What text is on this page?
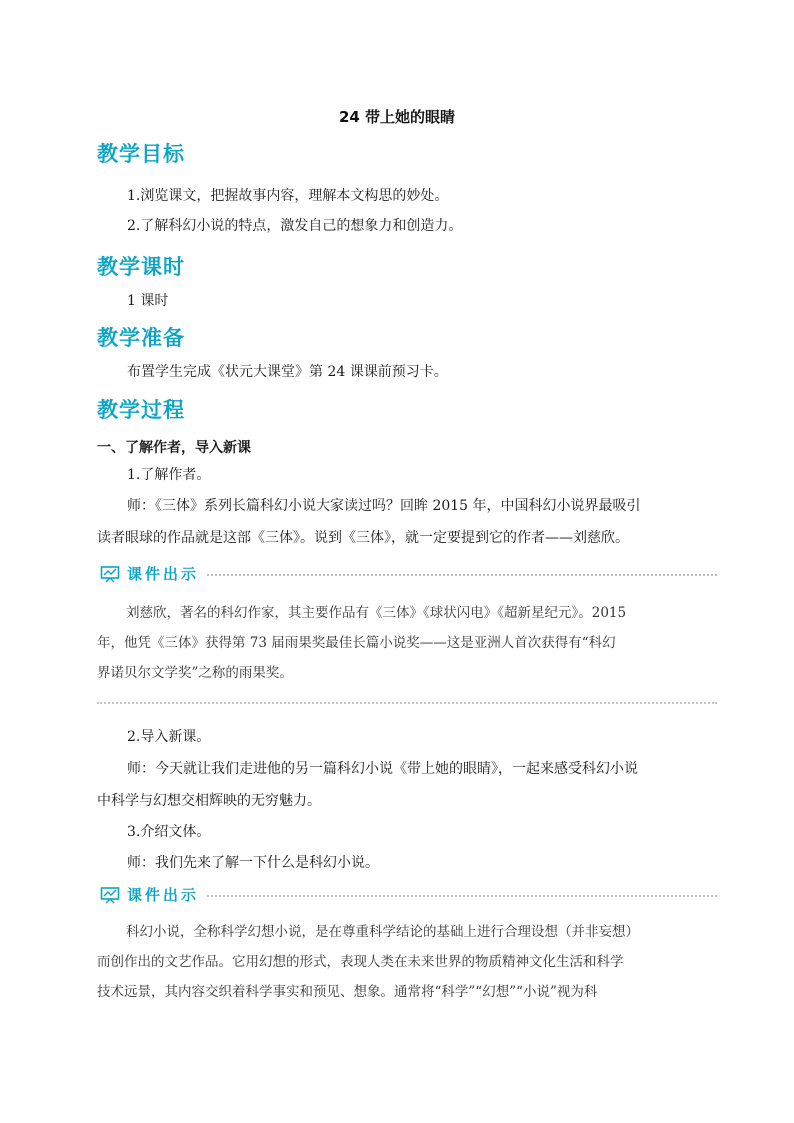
24 带上她的眼睛
教学目标
1.浏览课文，把握故事内容，理解本文构思的妙处。
2.了解科幻小说的特点，激发自己的想象力和创造力。
教学课时
1 课时
教学准备
布置学生完成《状元大课堂》第 24 课课前预习卡。
教学过程
一、了解作者，导入新课
1.了解作者。
师：《三体》系列长篇科幻小说大家读过吗？回眸 2015 年，中国科幻小说界最吸引
读者眼球的作品就是这部《三体》。说到《三体》，就一定要提到它的作者——刘慈欣。
课件出示

刘慈欣，著名的科幻作家，其主要作品有《三体》《球状闪电》《超新星纪元》。2015

年，他凭《三体》获得第 73 届雨果奖最佳长篇小说奖——这是亚洲人首次获得有“科幻

界诺贝尔文学奖”之称的雨果奖。

2.导入新课。
师：今天就让我们走进他的另一篇科幻小说《带上她的眼睛》，一起来感受科幻小说
中科学与幻想交相辉映的无穷魅力。
3.介绍文体。
师：我们先来了解一下什么是科幻小说。
课件出示

科幻小说，全称科学幻想小说，是在尊重科学结论的基础上进行合理设想（并非妄想）

而创作出的文艺作品。它用幻想的形式，表现人类在未来世界的物质精神文化生活和科学

技术远景，其内容交织着科学事实和预见、想象。通常将“科学”“幻想”“小说”视为科
